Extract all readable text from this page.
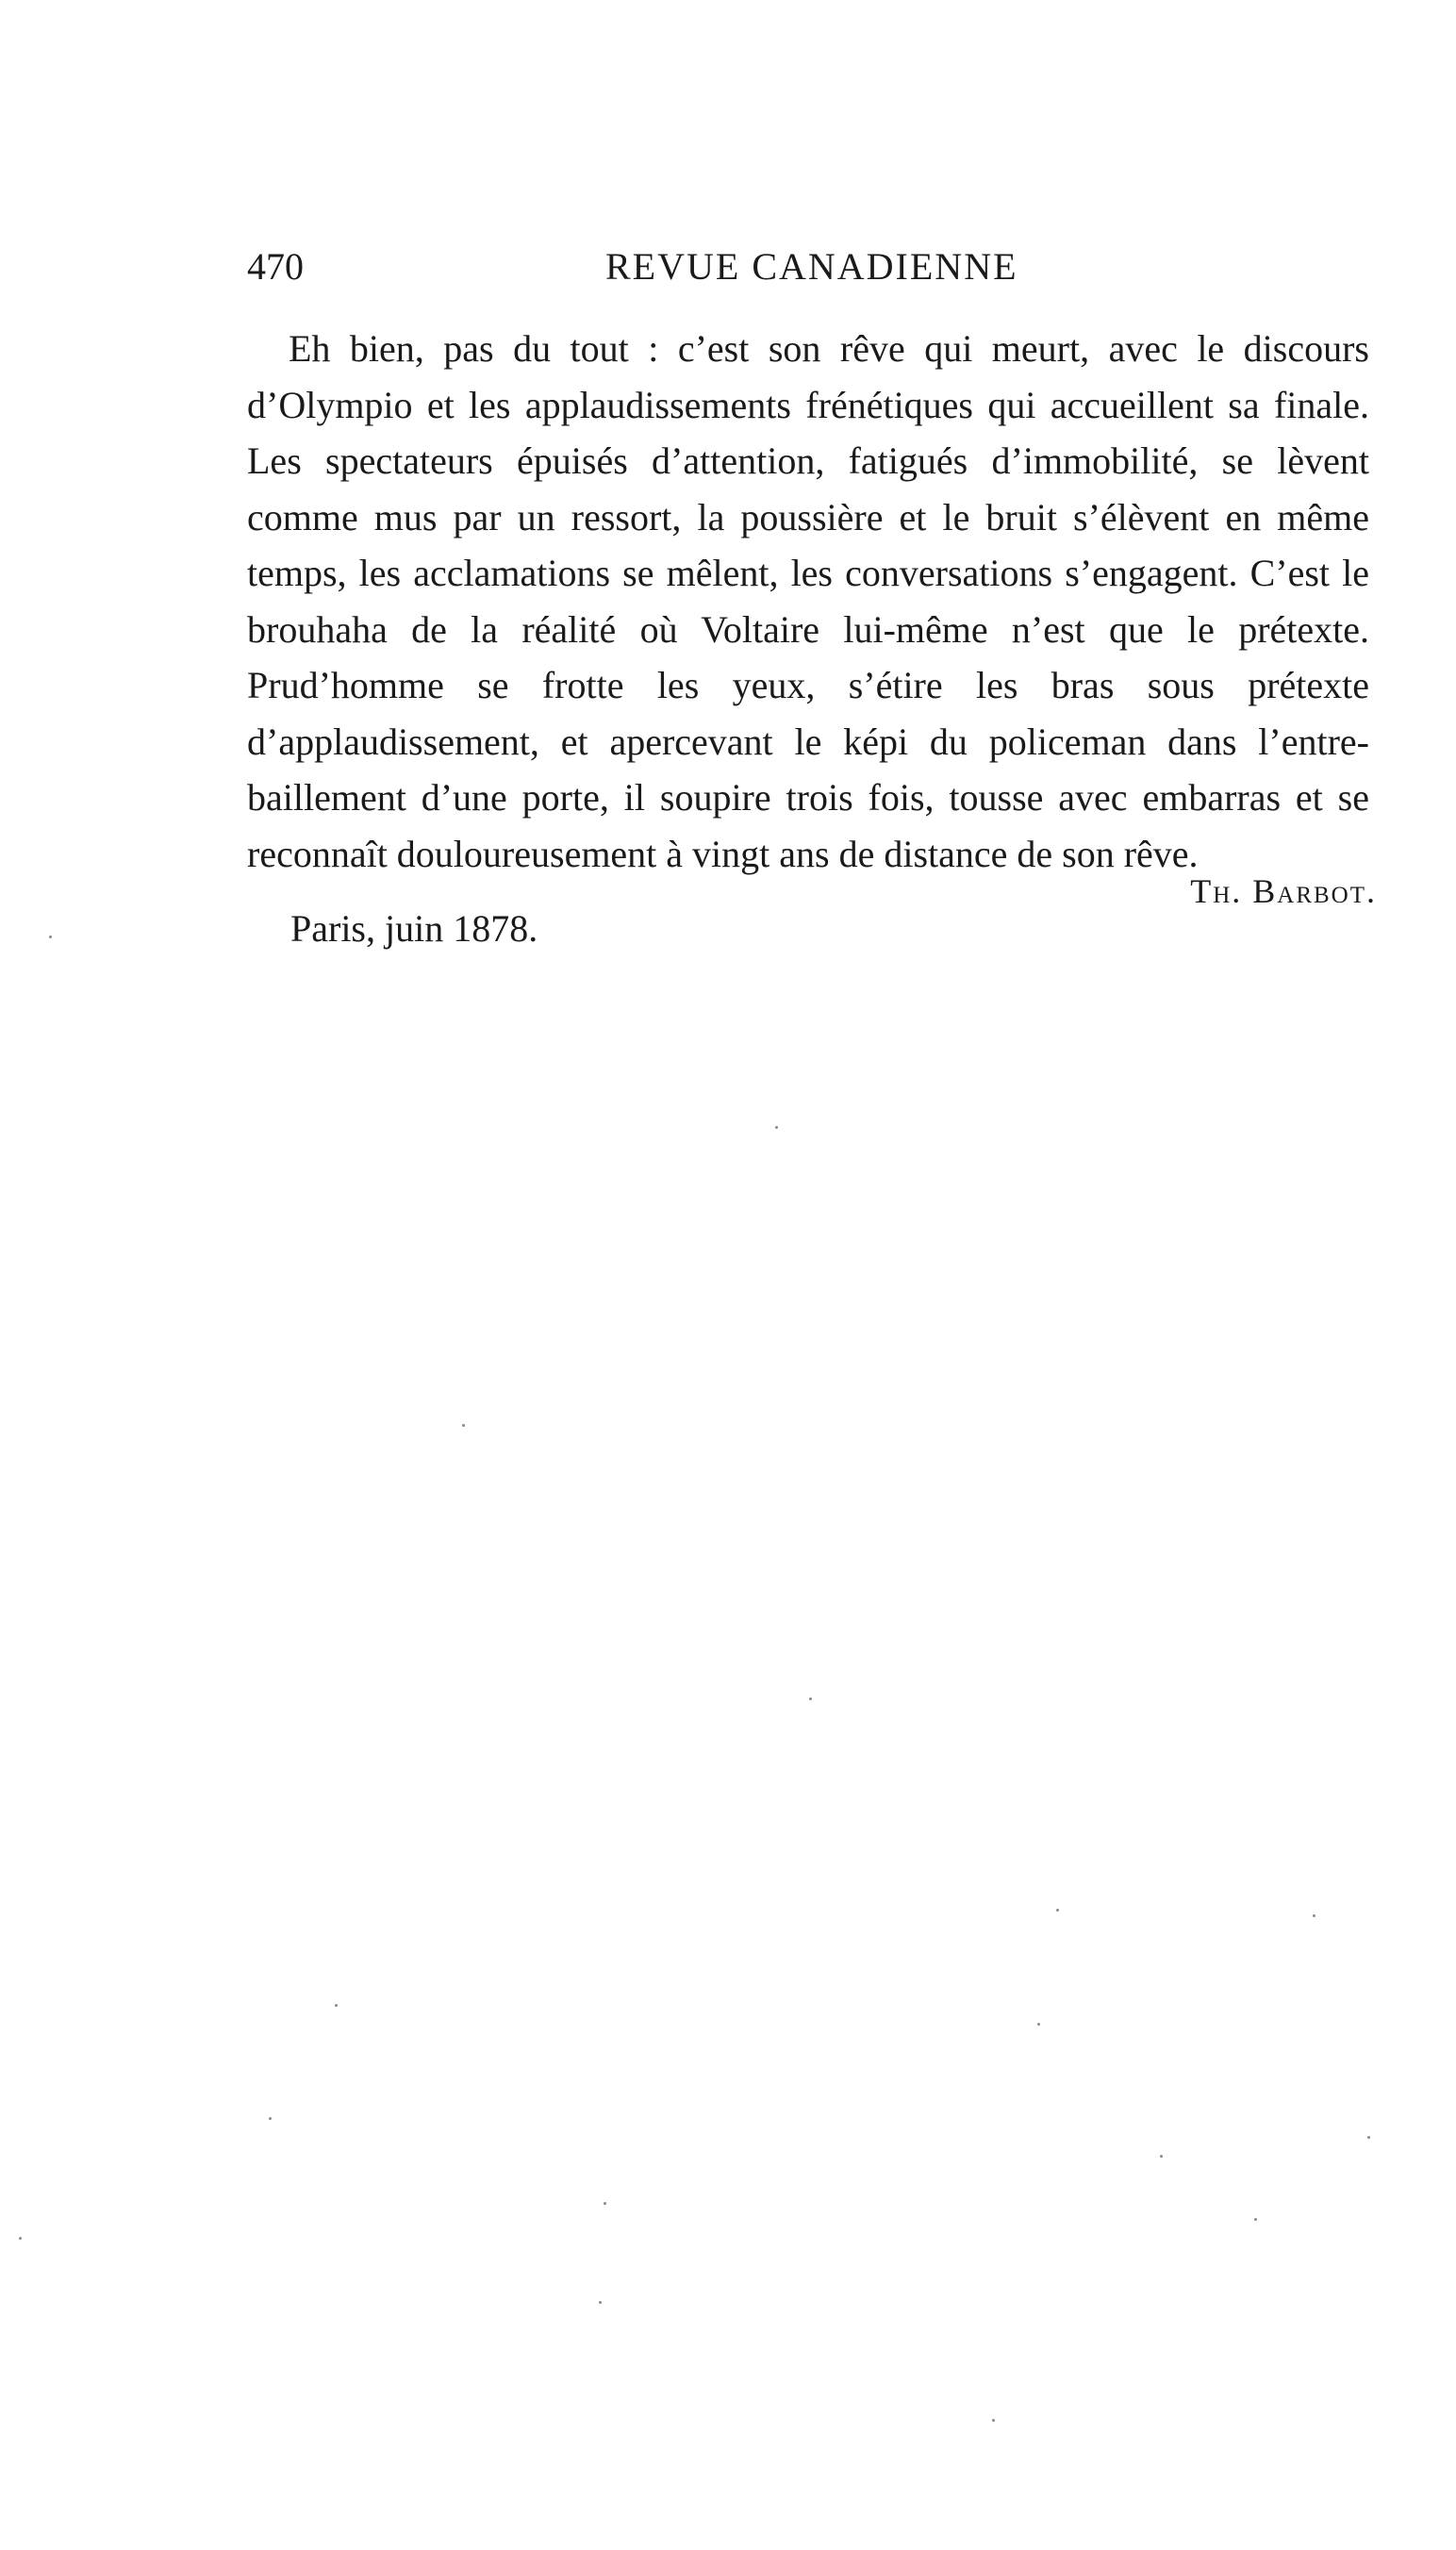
470	REVUE CANADIENNE

Eh bien, pas du tout : c’est son rêve qui meurt, avec le discours d’Olympio et les applaudissements frénétiques qui accueillent sa finale. Les spectateurs épuisés d’attention, fatigués d’immobilité, se lèvent comme mus par un ressort, la poussière et le bruit s’élèvent en même temps, les acclamations se mêlent, les conversations s’engagent. C’est le brouhaha de la réalité où Voltaire lui-même n’est que le prétexte. Prud’homme se frotte les yeux, s’étire les bras sous prétexte d’applaudissement, et apercevant le képi du policeman dans l’entre-baillement d’une porte, il soupire trois fois, tousse avec embarras et se reconnaît douloureusement à vingt ans de distance de son rêve.

Th. Barbot.
Paris, juin 1878.
